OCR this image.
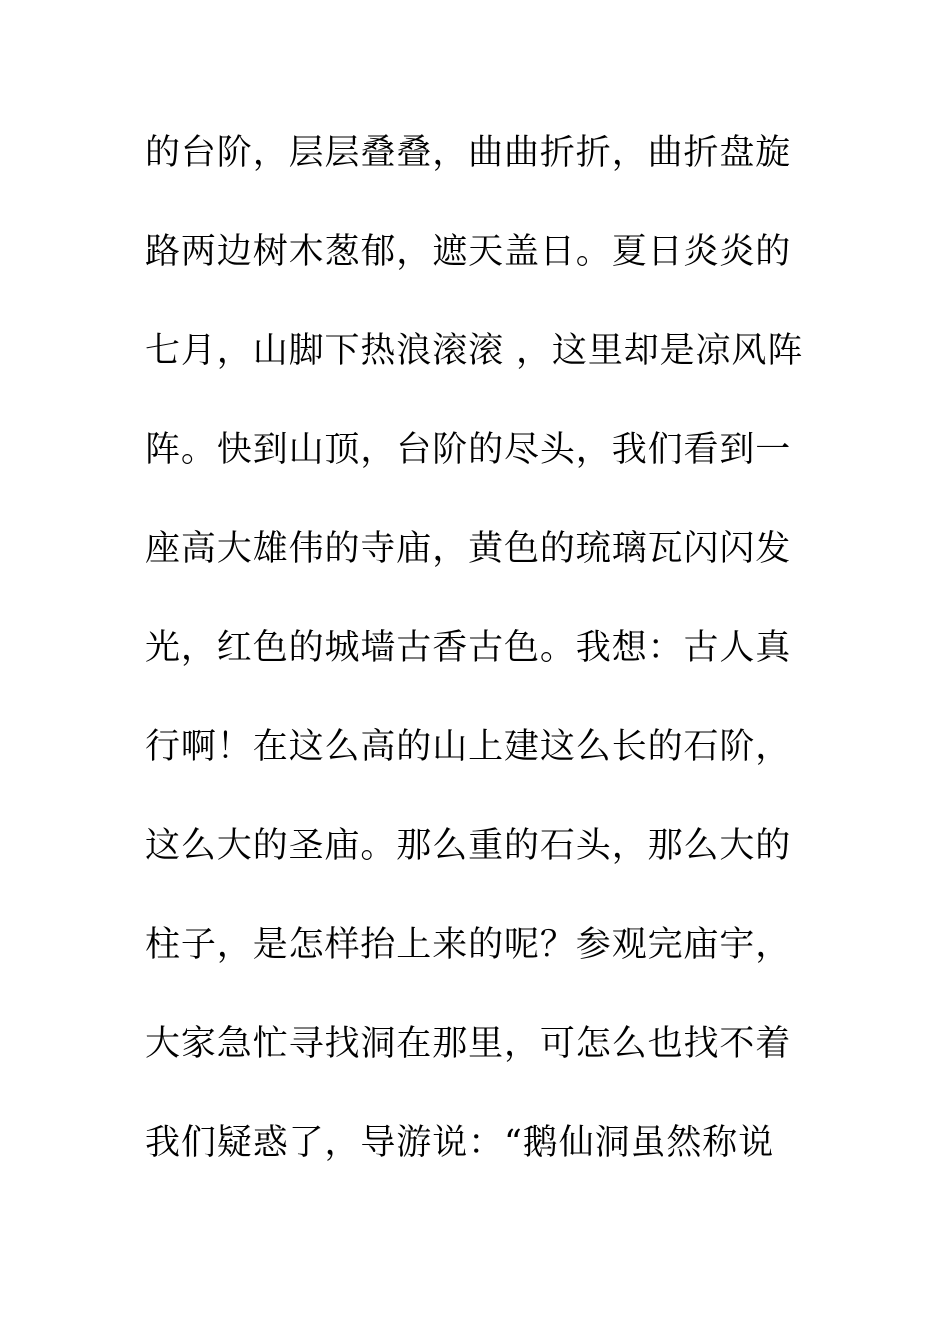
的台阶，层层叠叠，曲曲折折，曲折盘旋
路两边树木葱郁，遮天盖日。夏日炎炎的
七月，山脚下热浪滚滚 ，这里却是凉风阵
阵。快到山顶，台阶的尽头，我们看到一
座高大雄伟的寺庙，黄色的琉璃瓦闪闪发
光，红色的城墙古香古色。我想：古人真
行啊！在这么高的山上建这么长的石阶，
这么大的圣庙。那么重的石头，那么大的
柱子，是怎样抬上来的呢？参观完庙宇，
大家急忙寻找洞在那里，可怎么也找不着
我们疑惑了，导游说：“鹅仙洞虽然称说
